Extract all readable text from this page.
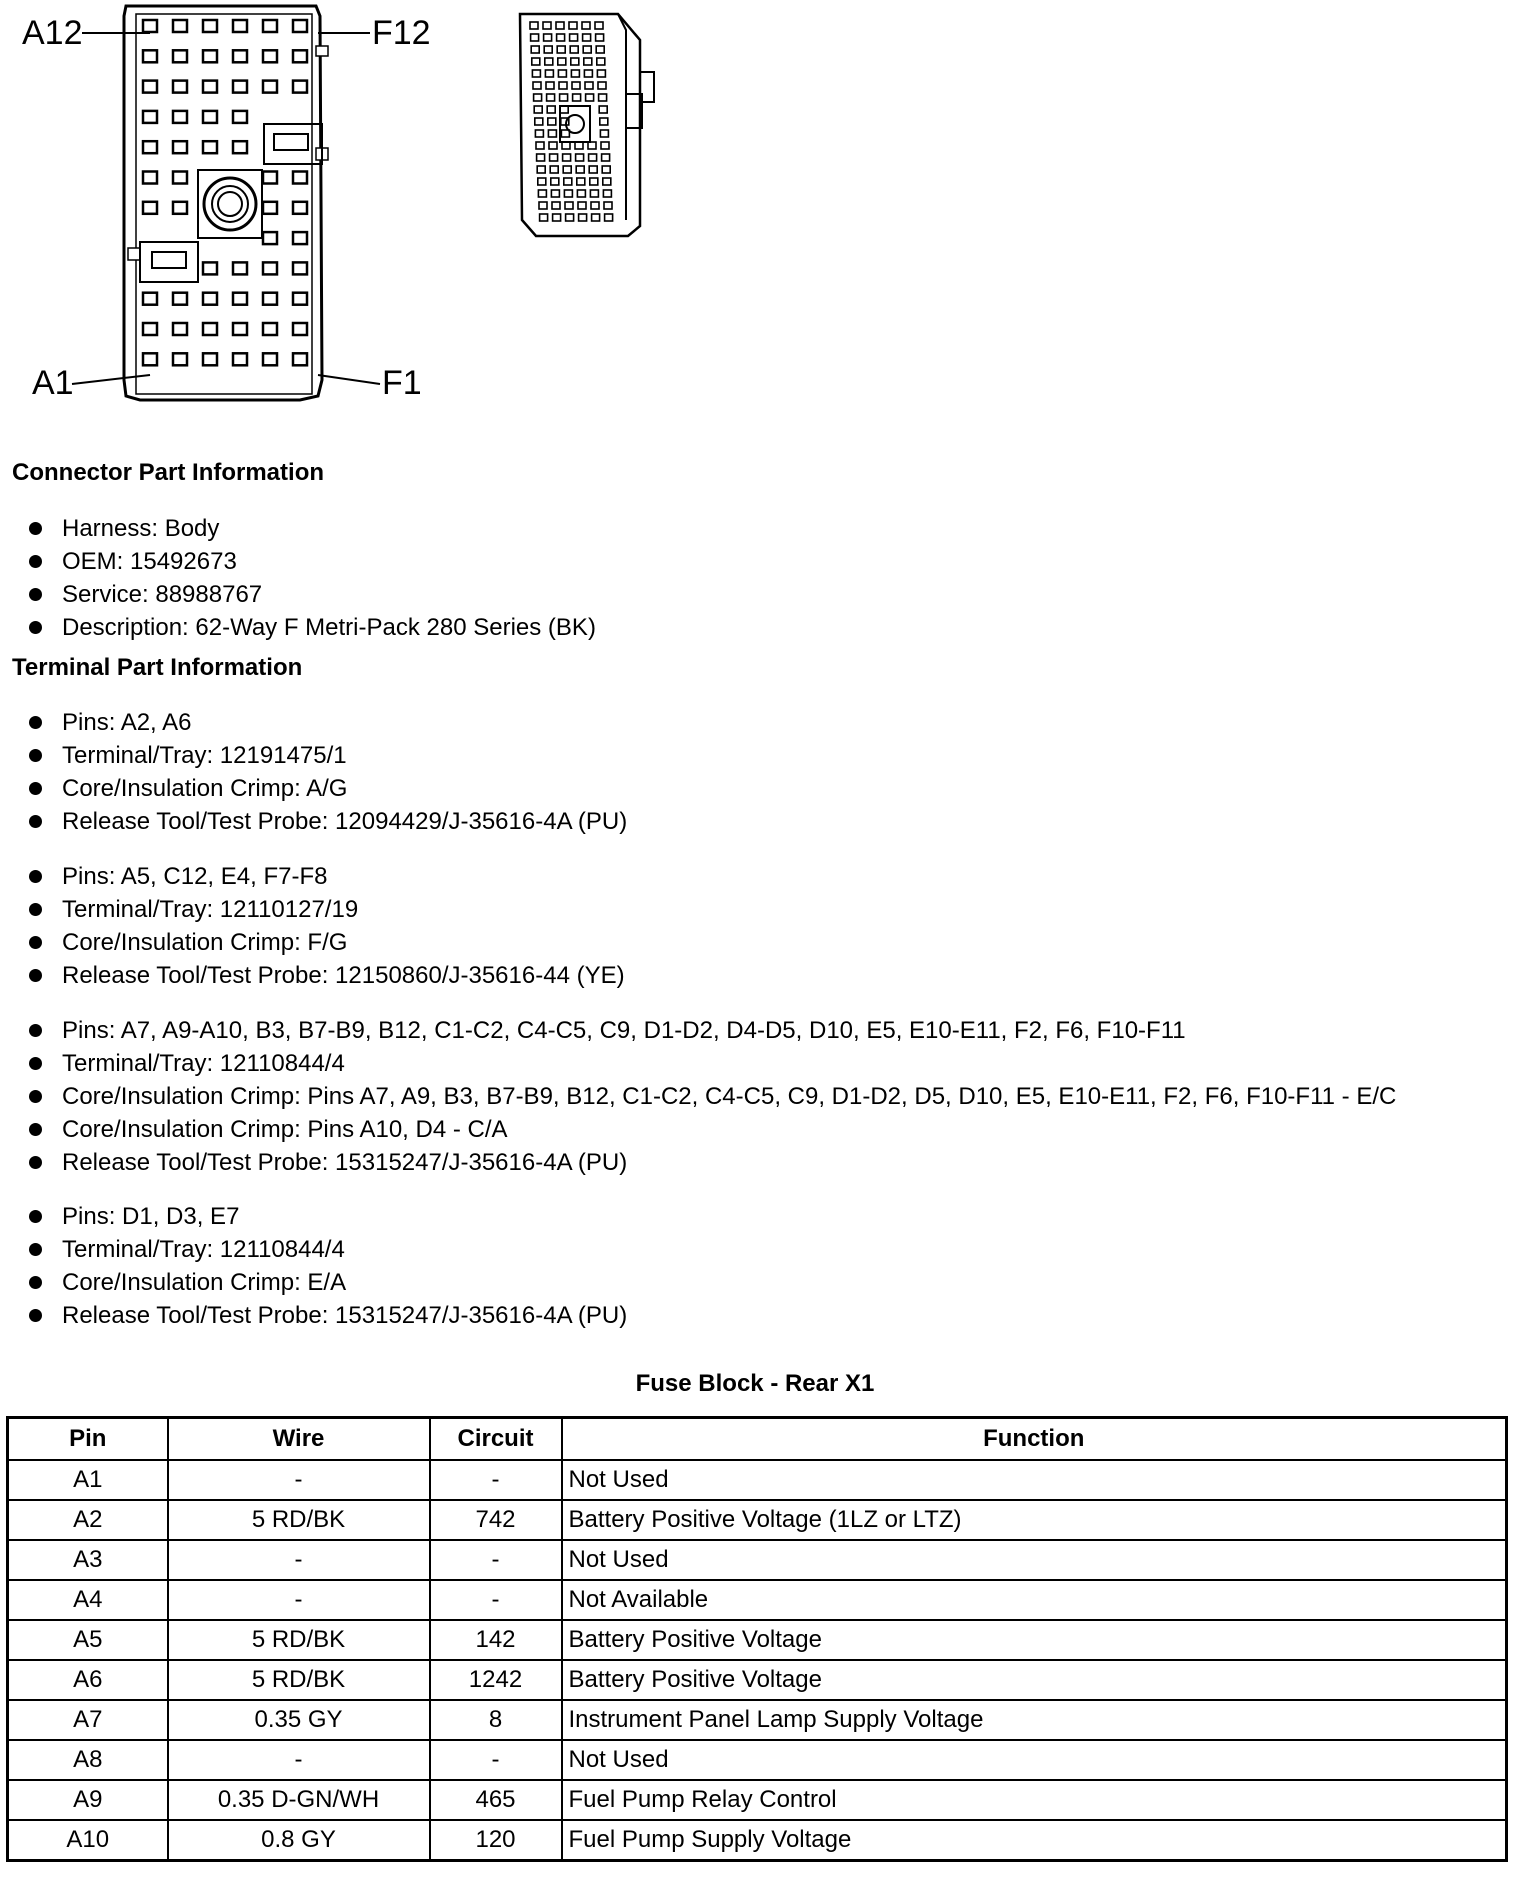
A12	F12
A1	F1
Connector Part Information
Harness: Body
OEM: 15492673
Service: 88988767
Description: 62-Way F Metri-Pack 280 Series (BK)
Terminal Part Information
Pins: A2, A6
Terminal/Tray: 12191475/1
Core/Insulation Crimp: A/G
Release Tool/Test Probe: 12094429/J-35616-4A (PU)
Pins: A5, C12, E4, F7-F8
Terminal/Tray: 12110127/19
Core/Insulation Crimp: F/G
Release Tool/Test Probe: 12150860/J-35616-44 (YE)
Pins: A7, A9-A10, B3, B7-B9, B12, C1-C2, C4-C5, C9, D1-D2, D4-D5, D10, E5, E10-E11, F2, F6, F10-F11
Terminal/Tray: 12110844/4
Core/Insulation Crimp: Pins A7, A9, B3, B7-B9, B12, C1-C2, C4-C5, C9, D1-D2, D5, D10, E5, E10-E11, F2, F6, F10-F11 - E/C
Core/Insulation Crimp: Pins A10, D4 - C/A
Release Tool/Test Probe: 15315247/J-35616-4A (PU)
Pins: D1, D3, E7
Terminal/Tray: 12110844/4
Core/Insulation Crimp: E/A
Release Tool/Test Probe: 15315247/J-35616-4A (PU)
Fuse Block - Rear X1
Pin	Wire	Circuit	Function
A1	-	-	Not Used
A2	5 RD/BK	742	Battery Positive Voltage (1LZ or LTZ)
A3	-	-	Not Used
A4	-	-	Not Available
A5	5 RD/BK	142	Battery Positive Voltage
A6	5 RD/BK	1242	Battery Positive Voltage
A7	0.35 GY	8	Instrument Panel Lamp Supply Voltage
A8	-	-	Not Used
A9	0.35 D-GN/WH	465	Fuel Pump Relay Control
A10	0.8 GY	120	Fuel Pump Supply Voltage
